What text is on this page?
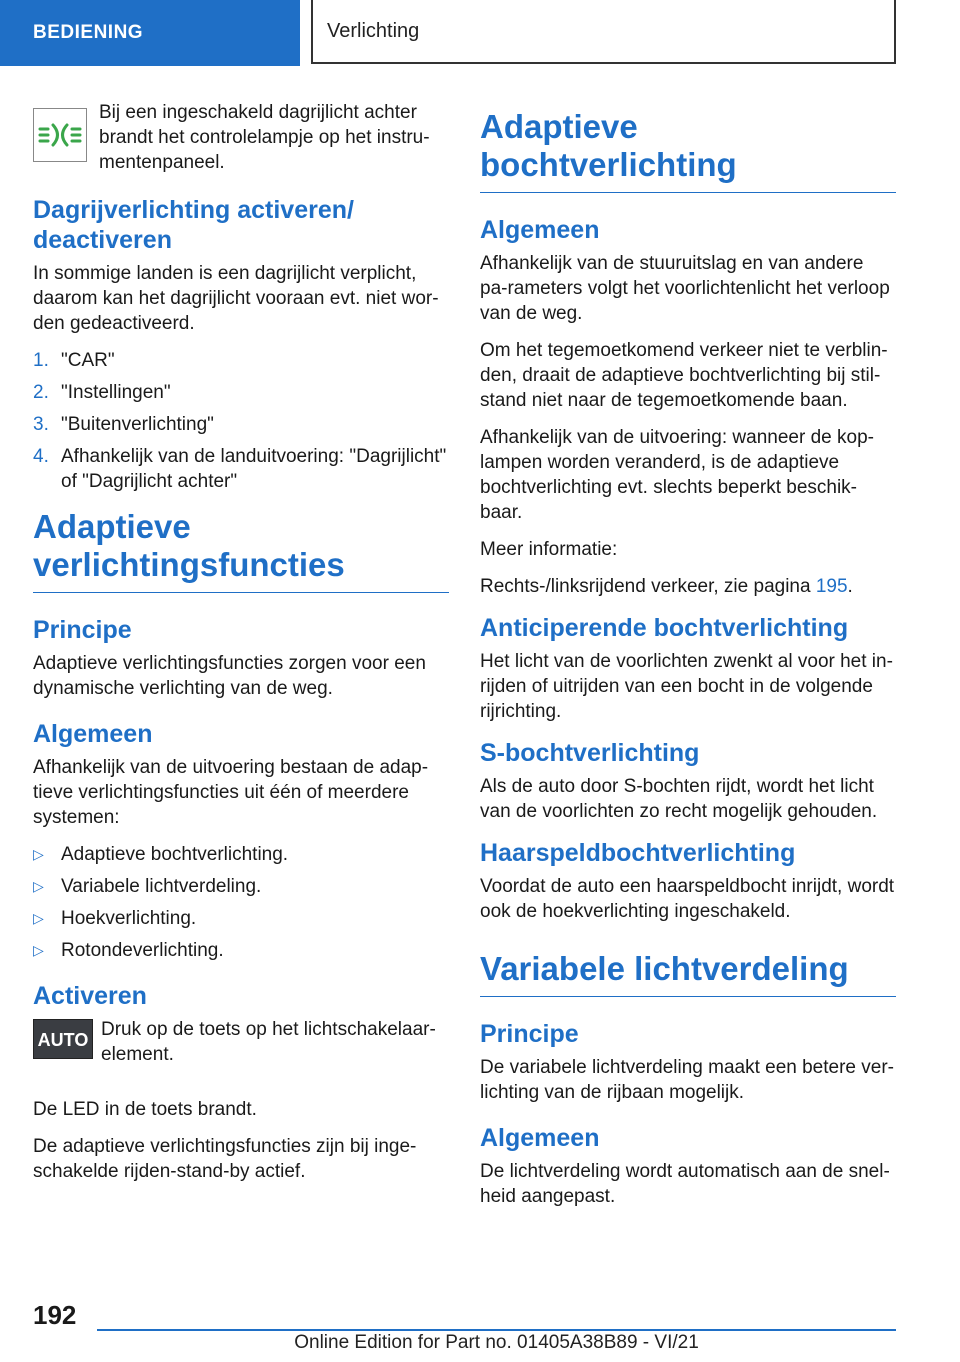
BEDIENING	Verlichting

Bij een ingeschakeld dagrijlicht achter brandt het controlelampje op het instru-mentenpaneel.

Dagrijverlichting activeren/ deactiveren

In sommige landen is een dagrijlicht verplicht, daarom kan het dagrijlicht vooraan evt. niet wor-den gedeactiveerd.

1. "CAR"
2. "Instellingen"
3. "Buitenverlichting"
4. Afhankelijk van de landuitvoering: "Dagrijlicht" of "Dagrijlicht achter"
Adaptieve verlichtingsfuncties
Principe

Adaptieve verlichtingsfuncties zorgen voor een dynamische verlichting van de weg.

Algemeen

Afhankelijk van de uitvoering bestaan de adap-tieve verlichtingsfuncties uit één of meerdere systemen:

▷ Adaptieve bochtverlichting.
▷ Variabele lichtverdeling.
▷ Hoekverlichting.
▷ Rotondeverlichting.
Activeren
AUTO Druk op de toets op het lichtschakelaar-element.

De LED in de toets brandt.

De adaptieve verlichtingsfuncties zijn bij inge-schakelde rijden-stand-by actief.

Adaptieve bochtverlichting
Algemeen

Afhankelijk van de stuuruitslag en van andere pa-rameters volgt het voorlichtenlicht het verloop van de weg.

Om het tegemoetkomend verkeer niet te verblin-den, draait de adaptieve bochtverlichting bij stil-stand niet naar de tegemoetkomende baan.

Afhankelijk van de uitvoering: wanneer de kop-lampen worden veranderd, is de adaptieve bochtverlichting evt. slechts beperkt beschik-baar.

Meer informatie:

Rechts-/linksrijdend verkeer, zie pagina 195.

Anticiperende bochtverlichting

Het licht van de voorlichten zwenkt al voor het in-rijden of uitrijden van een bocht in de volgende rijrichting.

S-bochtverlichting

Als de auto door S-bochten rijdt, wordt het licht van de voorlichten zo recht mogelijk gehouden.

Haarspeldbochtverlichting

Voordat de auto een haarspeldbocht inrijdt, wordt ook de hoekverlichting ingeschakeld.

Variabele lichtverdeling
Principe

De variabele lichtverdeling maakt een betere ver-lichting van de rijbaan mogelijk.

Algemeen

De lichtverdeling wordt automatisch aan de snel-heid aangepast.

192
Online Edition for Part no. 01405A38B89 - VI/21
